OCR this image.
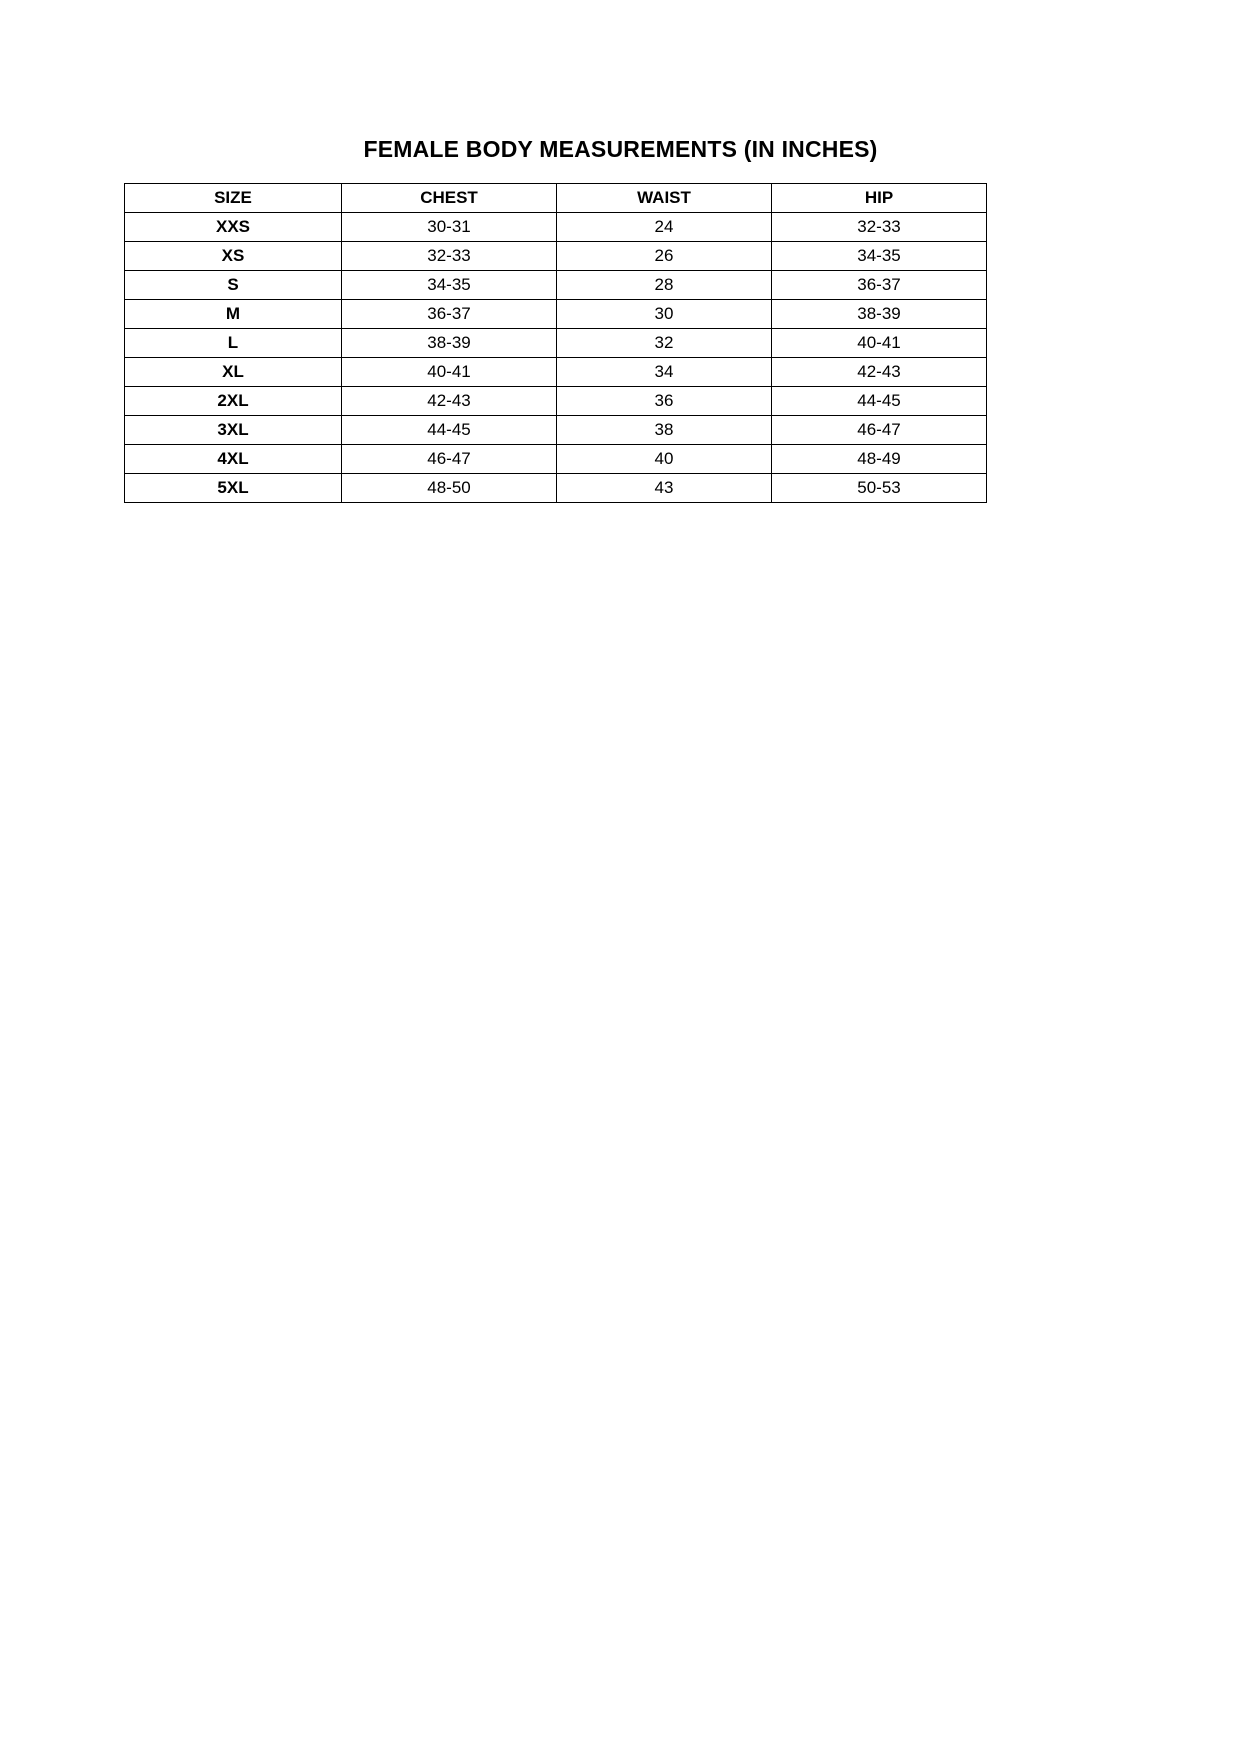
FEMALE BODY MEASUREMENTS (IN INCHES)
SIZE	CHEST	WAIST	HIP
XXS	30-31	24	32-33
XS	32-33	26	34-35
S	34-35	28	36-37
M	36-37	30	38-39
L	38-39	32	40-41
XL	40-41	34	42-43
2XL	42-43	36	44-45
3XL	44-45	38	46-47
4XL	46-47	40	48-49
5XL	48-50	43	50-53
